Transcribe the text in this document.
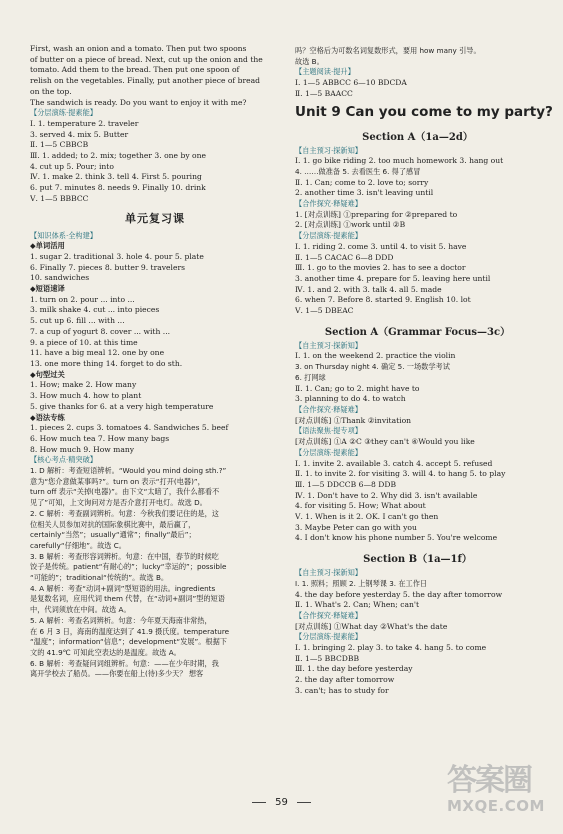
First, wash an onion and a tomato. Then put two spoons
of butter on a piece of bread. Next, cut up the onion and the
tomato. Add them to the bread. Then put one spoon of
relish on the vegetables. Finally, put another piece of bread
on the top.
The sandwich is ready. Do you want to enjoy it with me?
【分层演练·提素能】
Ⅰ. 1. temperature 2. traveler
3. served 4. mix 5. Butter
Ⅱ. 1—5 CBBCB
Ⅲ. 1. added; to 2. mix; together 3. one by one
4. cut up 5. Pour; into
Ⅳ. 1. make 2. think 3. tell 4. First 5. pouring
6. put 7. minutes 8. needs 9. Finally 10. drink
Ⅴ. 1—5 BBBCC
单元复习课
【知识体系·全构建】
◆单词活用
1. sugar 2. traditional 3. hole 4. pour 5. plate
6. Finally 7. pieces 8. butter 9. travelers
10. sandwiches
◆短语速译
1. turn on 2. pour ... into ...
3. milk shake 4. cut ... into pieces
5. cut up 6. fill ... with ...
7. a cup of yogurt 8. cover ... with ...
9. a piece of 10. at this time
11. have a big meal 12. one by one
13. one more thing 14. forget to do sth.
◆句型过关
1. How; make 2. How many
3. How much 4. how to plant
5. give thanks for 6. at a very high temperature
◆语法专练
1. pieces 2. cups 3. tomatoes 4. Sandwiches 5. beef
6. How much tea 7. How many bags
8. How much 9. How many
【核心考点·精突破】
1. D 解析：考查短语辨析。“Would you mind doing sth.?”
意为“您介意做某事吗?”。turn on 表示“打开(电器)”，
turn off 表示“关掉(电器)”。由下文“太暗了，我什么都看不
见了”可知，上文询问对方是否介意打开电灯。故选 D。
2. C 解析：考查副词辨析。句意：今秋我们要记住的是，这
位相关人员参加对抗的国际象棋比赛中，最后赢了，
certainly“当然”；usually“通常”；finally“最后”；
carefully“仔细地”。故选 C。
3. B 解析：考查形容词辨析。句意：在中国，春节的时候吃
饺子是传统。patient“有耐心的”；lucky“幸运的”；possible
“可能的”；traditional“传统的”。故选 B。
4. A 解析：考查“动词+副词”型短语的用法。ingredients
是复数名词，应用代词 them 代替，在“动词+副词”型的短语
中，代词须放在中间。故选 A。
5. A 解析：考查名词辨析。句意：今年夏天海南非常热，
在 6 月 3 日，海南的温度达到了 41.9 摄氏度。temperature
“温度”；information“信息”；development“发展”。根据下
文的 41.9℃ 可知此空表达的是温度。故选 A。
6. B 解析：考查疑问词组辨析。句意：——在少年时期，我
离开学校去了船员。——你要在船上(待)多少天？ 想客
吗？空格后为可数名词复数形式，要用 how many 引导。
故选 B。
【主题阅读·提升】
Ⅰ. 1—5 ABBCC 6—10 BDCDA
Ⅱ. 1—5 BAACC
Unit 9 Can you come to my party?
Section A（1a—2d）
【自主预习·探新知】
Ⅰ. 1. go bike riding 2. too much homework 3. hang out
4. ……做准备 5. 去看医生 6. 得了感冒
Ⅱ. 1. Can; come to 2. love to; sorry
2. another time 3. isn't leaving until
【合作探究·释疑难】
1. [对点训练] ①preparing for ②prepared to
2. [对点训练] ①work until ②B
【分层演练·提素能】
Ⅰ. 1. riding 2. come 3. until 4. to visit 5. have
Ⅱ. 1—5 CACAC 6—8 DDD
Ⅲ. 1. go to the movies 2. has to see a doctor
3. another time 4. prepare for 5. leaving here until
Ⅳ. 1. and 2. with 3. talk 4. all 5. made
6. when 7. Before 8. started 9. English 10. lot
Ⅴ. 1—5 DBEAC
Section A（Grammar Focus—3c）
【自主预习·探新知】
Ⅰ. 1. on the weekend 2. practice the violin
3. on Thursday night 4. 确定 5. 一场数学考试
6. 打网球
Ⅱ. 1. Can; go to 2. might have to
3. planning to do 4. to watch
【合作探究·释疑难】
[对点训练] ①Thank ②invitation
【语法聚焦·提专项】
[对点训练] ①A ②C ③they can't ④Would you like
【分层演练·提素能】
Ⅰ. 1. invite 2. available 3. catch 4. accept 5. refused
Ⅱ. 1. to invite 2. for visiting 3. will 4. to hang 5. to play
Ⅲ. 1—5 DDCCB 6—8 DDB
Ⅳ. 1. Don't have to 2. Why did 3. isn't available
4. for visiting 5. How; What about
Ⅴ. 1. When is it 2. OK. I can't go then
3. Maybe Peter can go with you
4. I don't know his phone number 5. You're welcome
Section B（1a—1f）
【自主预习·探新知】
Ⅰ. 1. 照料；照顾 2. 上钢琴课 3. 在工作日
4. the day before yesterday 5. the day after tomorrow
Ⅱ. 1. What's 2. Can; When; can't
【合作探究·释疑难】
[对点训练] ①What day ②What's the date
【分层演练·提素能】
Ⅰ. 1. bringing 2. play 3. to take 4. hang 5. to come
Ⅱ. 1—5 BBCDBB
Ⅲ. 1. the day before yesterday
2. the day after tomorrow
3. can't; has to study for
59
答案圈
MXQE.COM
